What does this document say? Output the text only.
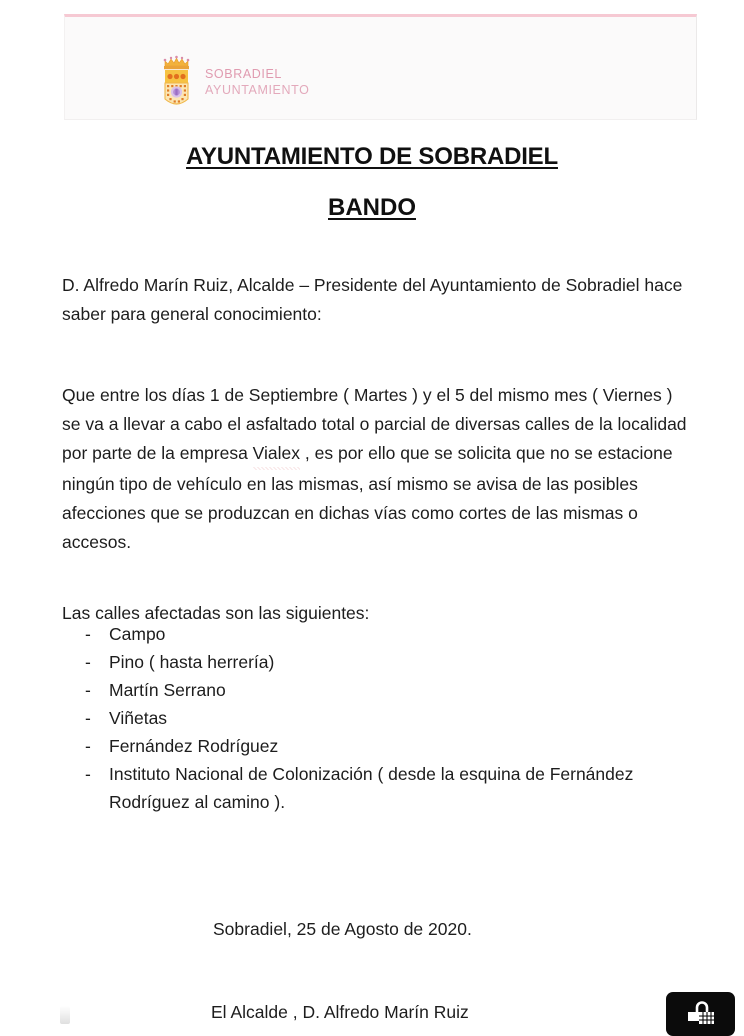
SOBRADIEL
AYUNTAMIENTO
AYUNTAMIENTO DE SOBRADIEL
BANDO

D. Alfredo Marín Ruiz, Alcalde – Presidente del Ayuntamiento de Sobradiel hace saber para general conocimiento:

Que entre los días 1 de Septiembre ( Martes ) y el 5 del mismo mes ( Viernes ) se va a llevar a cabo el asfaltado total o parcial de diversas calles de la localidad por parte de la empresa Vialex , es por ello que se solicita que no se estacione ningún tipo de vehículo en las mismas, así mismo se avisa de las posibles afecciones que se produzcan en dichas vías como cortes de las mismas o accesos.

Las calles afectadas son las siguientes:

-	Campo
-	Pino ( hasta herrería)
-	Martín Serrano
-	Viñetas
-	Fernández Rodríguez
-	Instituto Nacional de Colonización ( desde la esquina de Fernández Rodríguez al camino ).

Sobradiel, 25 de Agosto de 2020.

El Alcalde , D. Alfredo Marín Ruiz
